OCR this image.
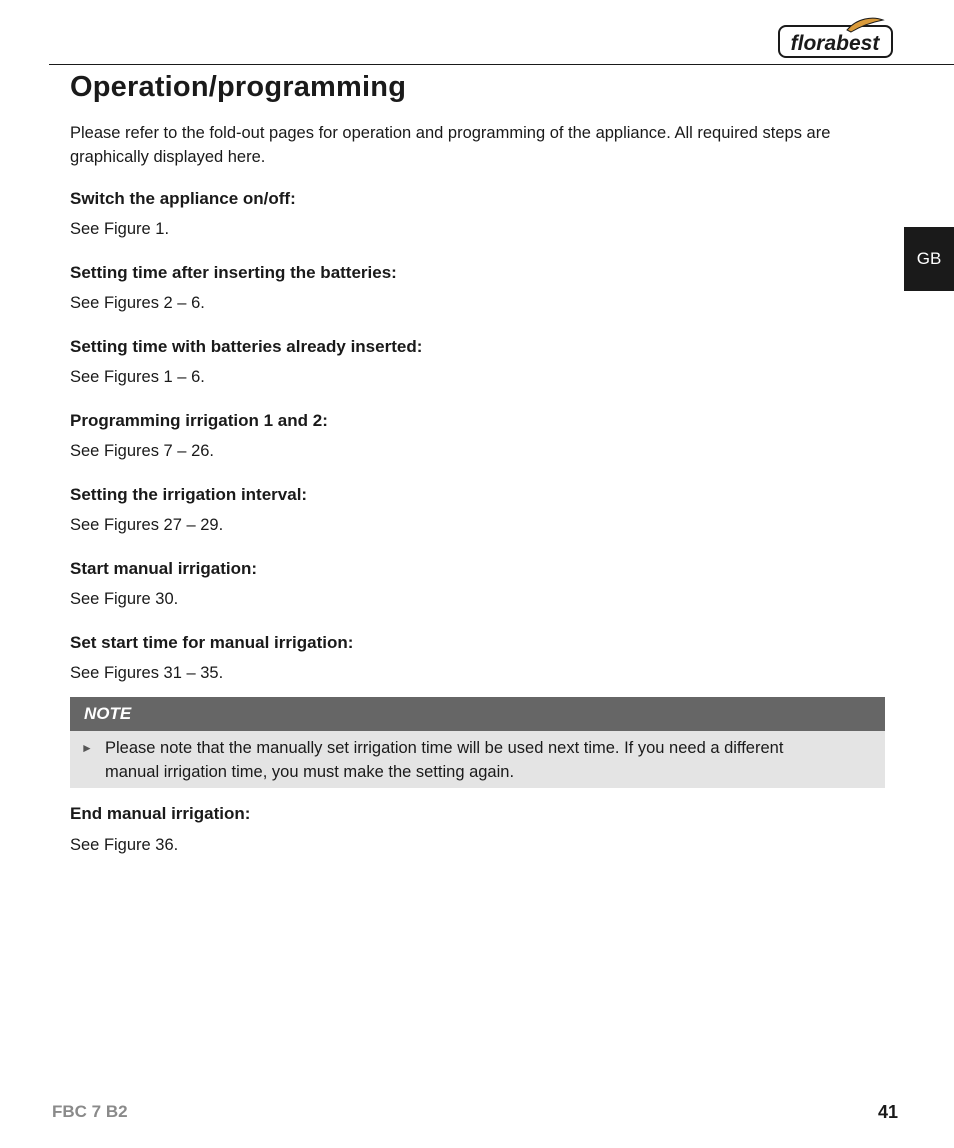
florabest
GB
Operation/programming

Please refer to the fold-out pages for operation and programming of the appliance. All required steps are graphically displayed here.

Switch the appliance on/off:

See Figure 1.

Setting time after inserting the batteries:

See Figures 2 – 6.

Setting time with batteries already inserted:

See Figures 1 – 6.

Programming irrigation 1 and 2:

See Figures 7 – 26.

Setting the irrigation interval:

See Figures 27 – 29.

Start manual irrigation:

See Figure 30.

Set start time for manual irrigation:

See Figures 31 – 35.

NOTE
► Please note that the manually set irrigation time will be used next time. If you need a different manual irrigation time, you must make the setting again.

End manual irrigation:

See Figure 36.

FBC 7 B2	41
